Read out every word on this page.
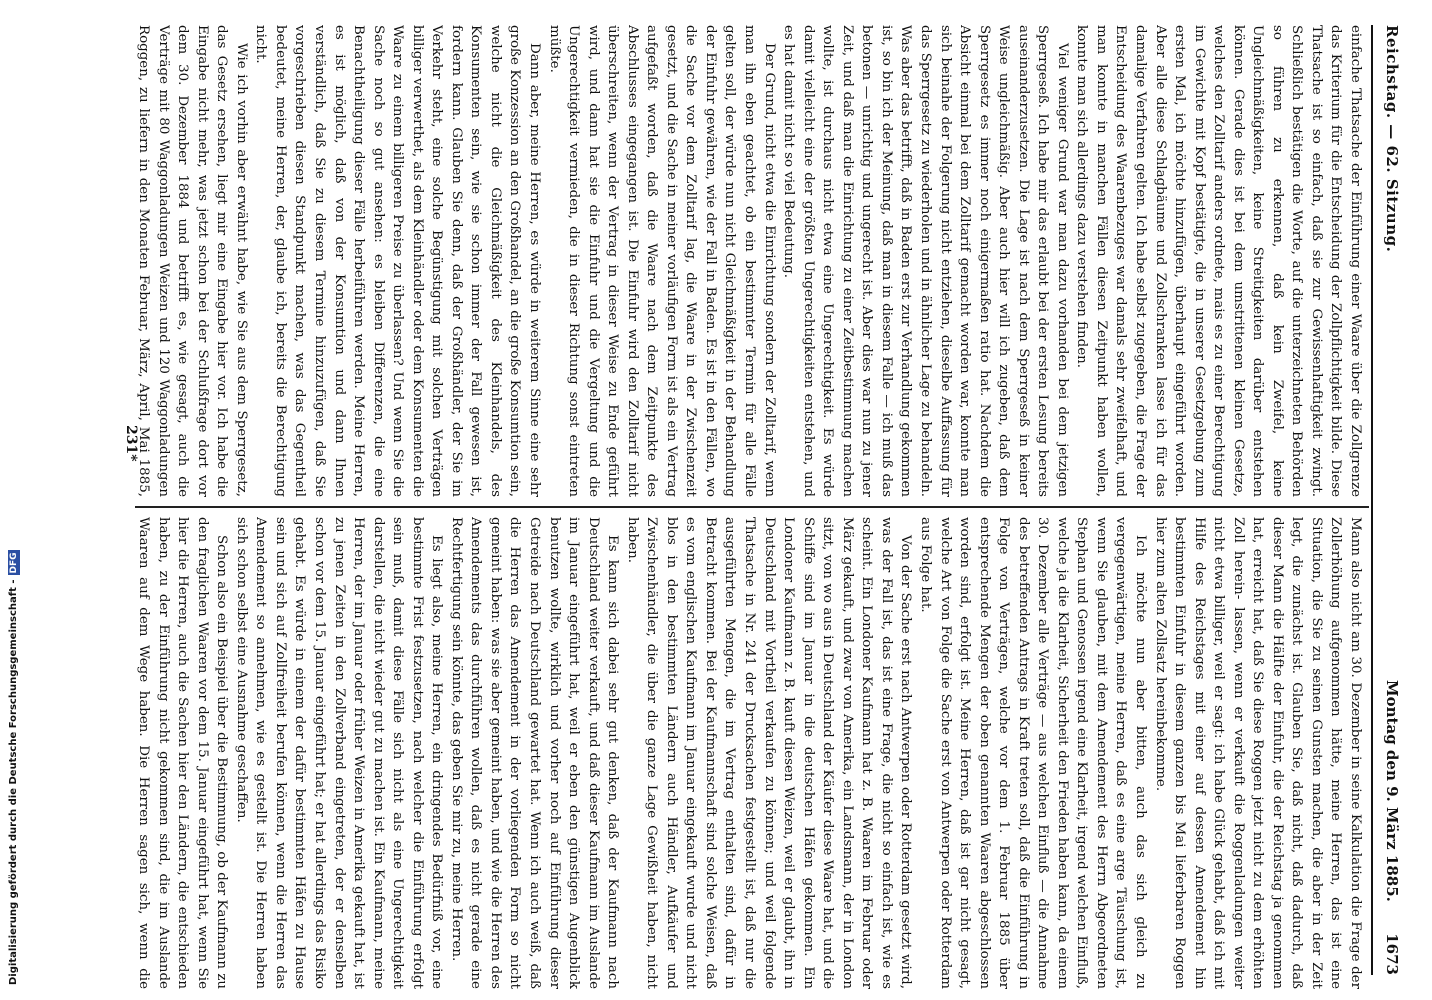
Digitalisierung gefördert durch die Deutsche Forschungsgemeinschaft -DFG
Reichstag. — 62. Sitzung.
Montag den 9. März 1885.      1673

einfache Thatsache der Einführung einer Waare über die Zollgrenze das Kriterium für die Entscheidung der Zollpflichtigkeit bilde. Diese Thatsache ist so einfach, daß sie zur Gewissenhaftigkeit zwingt. Schließlich bestätigen die Worte, auf die unterzeichneten Behörden so führen zu erkennen, daß kein Zweifel, keine Ungleichmäßigkeiten, keine Streitigkeiten darüber entstehen können. Gerade dies ist bei dem umstrittenen kleinen Gesetze, welches den Zolltarif anders ordnete, mais es zu einer Berechtigung im Gewichte mit Kopf bestätigte, die in unserer Gesetzgebung zum ersten Mal, ich möchte hinzufügen, überhaupt eingeführt worden. Aber alle diese Schlagbäume und Zollschranken lasse ich für das damalige Verfahren gelten. Ich habe selbst zugegeben, die Frage der Entscheidung des Waarenbezuges war damals sehr zweifelhaft, und man konnte in manchen Fällen diesen Zeitpunkt haben wollen, konnte man sich allerdings dazu verstehen finden.

Viel weniger Grund war man dazu vorhanden bei dem jetzigen Sperrgeseß. Ich habe mir das erlaubt bei der ersten Lesung bereits auseinanderzusetzen. Die Lage ist nach dem Sperrgeseß in keiner Weise ungleichmäßig. Aber auch hier will ich zugeben, daß dem Sperrgesetz es immer noch einigermaßen ratio hat. Nachdem die Absicht einmal bei dem Zolltarif gemacht worden war, konnte man sich beinahe der Folgerung nicht entziehen, dieselbe Auffassung für das Sperrgesetz zu wiederholen und in ähnlicher Lage zu behandeln. Was aber das betrifft, daß in Baden erst zur Verhandlung gekommen ist, so bin ich der Meinung, daß man in diesem Falle — ich muß das betonen — unrichtig und ungerecht ist. Aber dies war nun zu jener Zeit, und daß man die Einrichtung zu einer Zeitbestimmung machen wollte, ist durchaus nicht etwa eine Ungerechtigkeit. Es würde damit vielleicht eine der größten Ungerechtigkeiten entstehen, und es hat damit nicht so viel Bedeutung.

Der Grund, nicht etwa die Einrichtung sondern der Zolltarif, wenn man ihn eben geachtet, ob ein bestimmter Termin für alle Fälle gelten soll, der würde nun nicht Gleichmäßigkeit in der Behandlung der Einfuhr gewähren, wie der Fall in Baden. Es ist in den Fällen, wo die Sache vor dem Zolltarif lag, die Waare in der Zwischenzeit gesetzt, und die Sache in meiner vorläufigen Form ist als ein Vertrag aufgefaßt worden, daß die Waare nach dem Zeitpunkte des Abschlusses eingegangen ist. Die Einfuhr wird den Zolltarif nicht überschreiten, wenn der Vertrag in dieser Weise zu Ende geführt wird, und dann hat sie die Einfuhr und die Vergeltung und die Ungerechtigkeit vermieden, die in dieser Richtung sonst eintreten müßte.

Dann aber, meine Herren, es würde in weiterem Sinne eine sehr große Konzession an den Großhandel, an die große Konsumtion sein, welche nicht die Gleichmäßigkeit des Kleinhandels, des Konsumenten sein, wie sie schon immer der Fall gewesen ist, fordern kann. Glauben Sie denn, daß der Großhändler, der Sie im Verkehr steht, eine solche Begünstigung mit solchen Verträgen billiger verwerthet, als dem Kleinhändler oder dem Konsumenten die Waare zu einem billigeren Preise zu überlassen? Und wenn Sie die Sache noch so gut ansehen: es bleiben Differenzen, die eine Benachtheiligung dieser Fälle herbeiführen werden. Meine Herren, es ist möglich, daß von der Konsumtion und dann Ihnen verständlich, daß Sie zu diesem Termine hinzuzufügen, daß Sie vorgeschrieben diesen Standpunkt machen, was das Gegentheil bedeutet, meine Herren, der, glaube ich, bereits die Berechtigung nicht.

Wie ich vorhin aber erwähnt habe, wie Sie aus dem Sperrgesetz, das Gesetz ersehen, liegt mir eine Eingabe hier vor. Ich habe die Eingabe nicht mehr, was jetzt schon bei der Schlußfrage dort vor dem 30. Dezember 1884 und betrifft es, wie gesagt, auch die Verträge mit 80 Waggonladungen Weizen und 120 Waggonladungen Roggen, zu liefern in den Monaten Februar, März, April, Mai 1885,

Mann also nicht am 30. Dezember in seine Kalkulation die Frage der Zollerhöhung aufgenommen hätte, meine Herren, das ist eine Situation, die Sie zu seinen Gunsten machen, die aber in der Zeit legt, die zunächst ist. Glauben Sie, daß nicht, daß dadurch, daß dieser Mann die Hälfte der Einfuhr, die der Reichstag ja genommen hat, erreicht hat, daß Sie diese Roggen jetzt nicht zu dem erhöhten Zoll herein- lassen, wenn er verkauft die Roggenladungen weiter nicht etwa billiger, weil er sagt: ich habe Glück gehabt, daß ich mit Hilfe des Reichstages mit einer auf dessen Amendement hin bestimmten Einfuhr in diesem ganzen bis Mai lieferbaren Roggen hier zum alten Zollsatz hereinbekomme.

Ich möchte nun aber bitten, auch das sich gleich zu vergegenwärtigen, meine Herren, daß es eine arge Täuschung ist, wenn Sie glauben, mit dem Amendement des Herrn Abgeordneten Stephan und Genossen irgend eine Klarheit, irgend welchen Einfluß, welche ja die Klarheit, Sicherheit den Frieden haben kann, da einem 30. Dezember alle Verträge — aus welchen Einfluß — die Annahme des betreffenden Antrags in Kraft treten soll, daß die Einführung in Folge von Verträgen, welche vor dem 1. Februar 1885 über entsprechende Mengen der oben genannten Waaren abgeschlossen worden sind, erfolgt ist. Meine Herren, daß ist gar nicht gesagt, welche Art von Folge die Sache erst von Antwerpen oder Rotterdam aus Folge hat.

Von der Sache erst nach Antwerpen oder Rotterdam gesetzt wird, was der Fall ist, das ist eine Frage, die nicht so einfach ist, wie es scheint. Ein Londoner Kaufmann hat z. B. Waaren im Februar oder März gekauft, und zwar von Amerika, ein Landsmann, der in London sitzt, von wo aus in Deutschland der Käufer diese Waare hat, und die Schiffe sind im Januar in die deutschen Häfen gekommen. Ein Londoner Kaufmann z. B. kauft diesen Weizen, weil er glaubt, ihn in Deutschland mit Vortheil verkaufen zu können; und weil folgende Thatsache in Nr. 241 der Drucksachen festgestellt ist, daß nur die ausgeführten Mengen, die im Vertrag enthalten sind, dafür in Betracht kommen. Bei der Kaufmannschaft sind solche Weisen, daß es vom englischen Kaufmann im Januar eingekauft wurde und nicht blos in den bestimmten Ländern auch Händler, Aufkäufer und Zwischenhändler, die über die ganze Lage Gewißheit haben, nicht haben.

Es kann sich dabei sehr gut denken, daß der Kaufmann nach Deutschland weiter verkauft, und daß dieser Kaufmann im Auslande im Januar eingeführt hat, weil er eben den günstigen Augenblick benutzen wollte, wirklich und vorher noch auf Einführung dieser Getreide nach Deutschland gewartet hat. Wenn ich auch weiß, daß die Herren das Amendement in der vorliegenden Form so nicht gemeint haben: was sie aber gemeint haben, und wie die Herren des Amendements das durchführen wollen, daß es nicht gerade eine Rechtfertigung sein könnte, das geben Sie mir zu, meine Herren.

Es liegt also, meine Herren, ein dringendes Bedürfniß vor, eine bestimmte Frist festzusetzen, nach welcher die Einführung erfolgt sein muß, damit diese Fälle sich nicht als eine Ungerechtigkeit darstellen, die nicht wieder gut zu machen ist. Ein Kaufmann, meine Herren, der im Januar oder früher Weizen in Amerika gekauft hat, ist zu jenen Zeiten in den Zollverband eingetreten, der er denselben schon vor dem 15. Januar eingeführt hat; er hat allerdings das Risiko gehabt. Es würde in einem der dafür bestimmten Häfen zu Hause sein und sich auf Zollfreiheit berufen können, wenn die Herren das Amendement so annehmen, wie es gestellt ist. Die Herren haben sich schon selbst eine Ausnahme geschaffen.

Schon also ein Beispiel über die Bestimmung, ob der Kaufmann zu den fraglichen Waaren vor dem 15. Januar eingeführt hat, wenn Sie hier die Herren, auch die Sachen hier den Ländern, die entschieden haben, zu der Einführung nicht gekommen sind, die im Auslande Waaren auf dem Wege haben. Die Herren sagen sich, wenn die

231*
